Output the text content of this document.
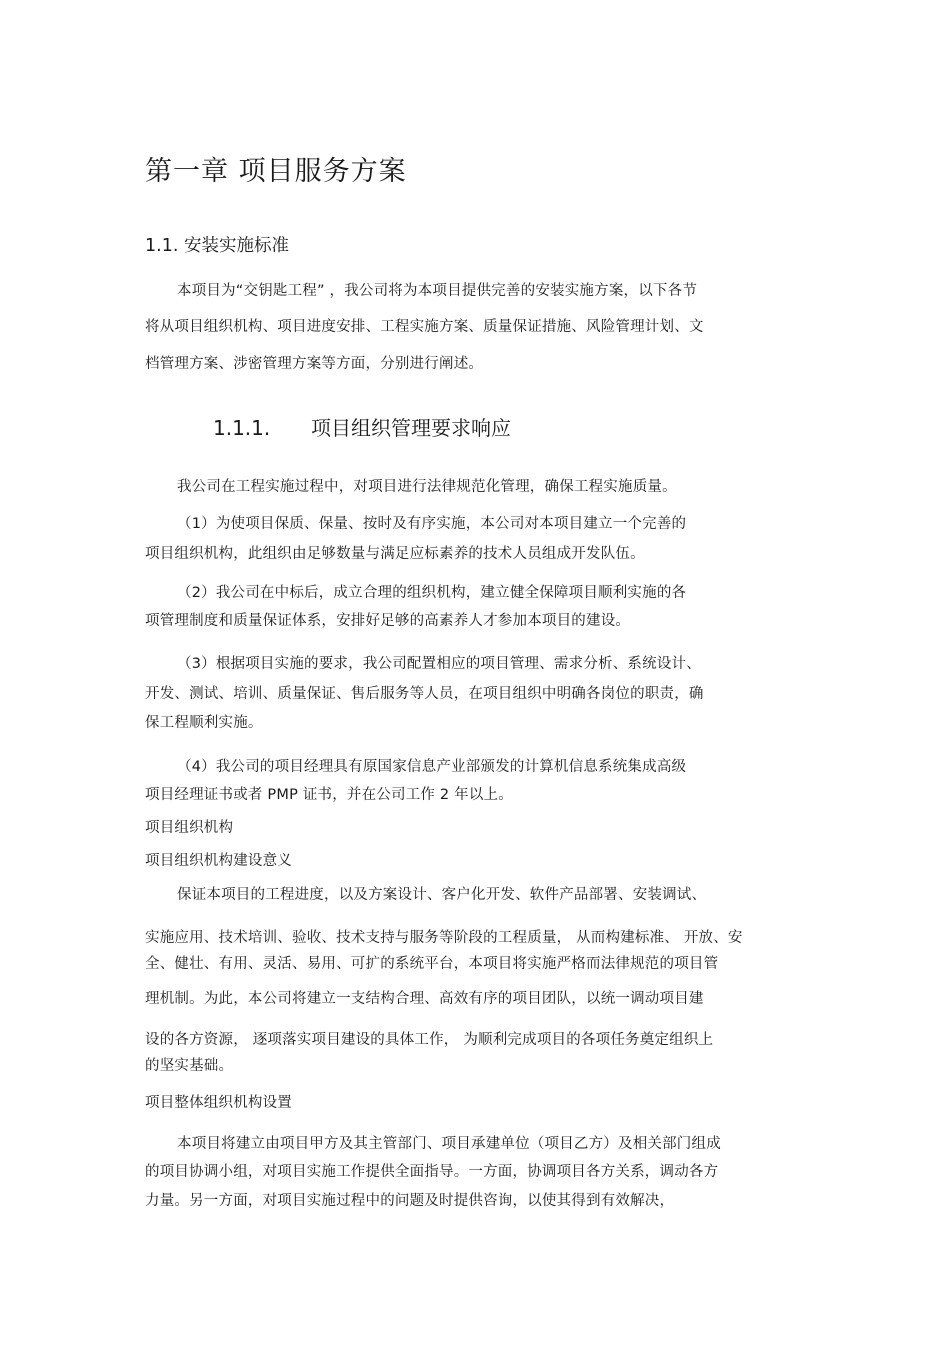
第一章 项目服务方案
1.1. 安装实施标准

本项目为“交钥匙工程” ，我公司将为本项目提供完善的安装实施方案，以下各节

将从项目组织机构、项目进度安排、工程实施方案、质量保证措施、风险管理计划、文

档管理方案、涉密管理方案等方面，分别进行阐述。

1.1.1. 项目组织管理要求响应

我公司在工程实施过程中，对项目进行法律规范化管理，确保工程实施质量。

（1）为使项目保质、保量、按时及有序实施，本公司对本项目建立一个完善的

项目组织机构，此组织由足够数量与满足应标素养的技术人员组成开发队伍。

（2）我公司在中标后，成立合理的组织机构，建立健全保障项目顺利实施的各

项管理制度和质量保证体系，安排好足够的高素养人才参加本项目的建设。

（3）根据项目实施的要求，我公司配置相应的项目管理、需求分析、系统设计、

开发、测试、培训、质量保证、售后服务等人员，在项目组织中明确各岗位的职责，确

保工程顺利实施。

（4）我公司的项目经理具有原国家信息产业部颁发的计算机信息系统集成高级

项目经理证书或者 PMP 证书，并在公司工作 2 年以上。

项目组织机构

项目组织机构建设意义

保证本项目的工程进度，以及方案设计、客户化开发、软件产品部署、安装调试、

实施应用、技术培训、验收、技术支持与服务等阶段的工程质量， 从而构建标准、 开放、安

全、健壮、有用、灵活、易用、可扩的系统平台，本项目将实施严格而法律规范的项目管

理机制。为此，本公司将建立一支结构合理、高效有序的项目团队，以统一调动项目建

设的各方资源， 逐项落实项目建设的具体工作， 为顺利完成项目的各项任务奠定组织上

的坚实基础。

项目整体组织机构设置

本项目将建立由项目甲方及其主管部门、项目承建单位（项目乙方）及相关部门组成

的项目协调小组，对项目实施工作提供全面指导。一方面，协调项目各方关系，调动各方

力量。另一方面，对项目实施过程中的问题及时提供咨询，以使其得到有效解决，
